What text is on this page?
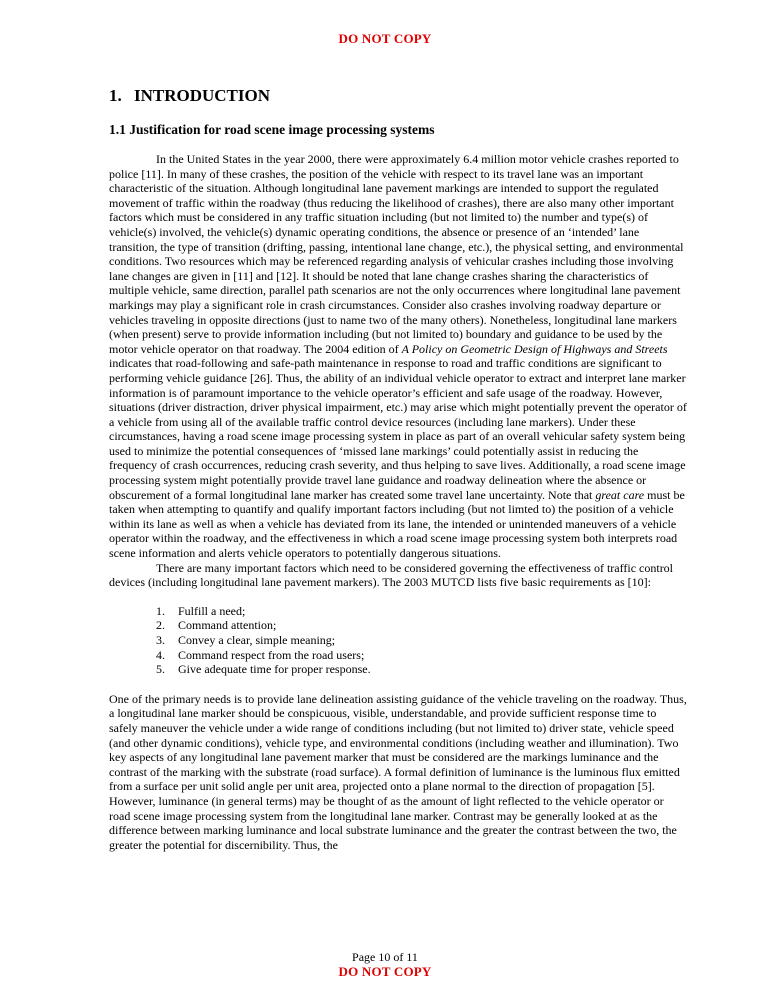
DO NOT COPY
1. INTRODUCTION
1.1 Justification for road scene image processing systems

In the United States in the year 2000, there were approximately 6.4 million motor vehicle crashes reported to police [11]. In many of these crashes, the position of the vehicle with respect to its travel lane was an important characteristic of the situation. Although longitudinal lane pavement markings are intended to support the regulated movement of traffic within the roadway (thus reducing the likelihood of crashes), there are also many other important factors which must be considered in any traffic situation including (but not limited to) the number and type(s) of vehicle(s) involved, the vehicle(s) dynamic operating conditions, the absence or presence of an ‘intended’ lane transition, the type of transition (drifting, passing, intentional lane change, etc.), the physical setting, and environmental conditions. Two resources which may be referenced regarding analysis of vehicular crashes including those involving lane changes are given in [11] and [12]. It should be noted that lane change crashes sharing the characteristics of multiple vehicle, same direction, parallel path scenarios are not the only occurrences where longitudinal lane pavement markings may play a significant role in crash circumstances. Consider also crashes involving roadway departure or vehicles traveling in opposite directions (just to name two of the many others). Nonetheless, longitudinal lane markers (when present) serve to provide information including (but not limited to) boundary and guidance to be used by the motor vehicle operator on that roadway. The 2004 edition of A Policy on Geometric Design of Highways and Streets indicates that road-following and safe-path maintenance in response to road and traffic conditions are significant to performing vehicle guidance [26]. Thus, the ability of an individual vehicle operator to extract and interpret lane marker information is of paramount importance to the vehicle operator’s efficient and safe usage of the roadway. However, situations (driver distraction, driver physical impairment, etc.) may arise which might potentially prevent the operator of a vehicle from using all of the available traffic control device resources (including lane markers). Under these circumstances, having a road scene image processing system in place as part of an overall vehicular safety system being used to minimize the potential consequences of ‘missed lane markings’ could potentially assist in reducing the frequency of crash occurrences, reducing crash severity, and thus helping to save lives. Additionally, a road scene image processing system might potentially provide travel lane guidance and roadway delineation where the absence or obscurement of a formal longitudinal lane marker has created some travel lane uncertainty. Note that great care must be taken when attempting to quantify and qualify important factors including (but not limted to) the position of a vehicle within its lane as well as when a vehicle has deviated from its lane, the intended or unintended maneuvers of a vehicle operator within the roadway, and the effectiveness in which a road scene image processing system both interprets road scene information and alerts vehicle operators to potentially dangerous situations.

There are many important factors which need to be considered governing the effectiveness of traffic control devices (including longitudinal lane pavement markers). The 2003 MUTCD lists five basic requirements as [10]:

1. Fulfill a need;
2. Command attention;
3. Convey a clear, simple meaning;
4. Command respect from the road users;
5. Give adequate time for proper response.

One of the primary needs is to provide lane delineation assisting guidance of the vehicle traveling on the roadway. Thus, a longitudinal lane marker should be conspicuous, visible, understandable, and provide sufficient response time to safely maneuver the vehicle under a wide range of conditions including (but not limited to) driver state, vehicle speed (and other dynamic conditions), vehicle type, and environmental conditions (including weather and illumination). Two key aspects of any longitudinal lane pavement marker that must be considered are the markings luminance and the contrast of the marking with the substrate (road surface). A formal definition of luminance is the luminous flux emitted from a surface per unit solid angle per unit area, projected onto a plane normal to the direction of propagation [5]. However, luminance (in general terms) may be thought of as the amount of light reflected to the vehicle operator or road scene image processing system from the longitudinal lane marker. Contrast may be generally looked at as the difference between marking luminance and local substrate luminance and the greater the contrast between the two, the greater the potential for discernibility. Thus, the

Page 10 of 11
DO NOT COPY
